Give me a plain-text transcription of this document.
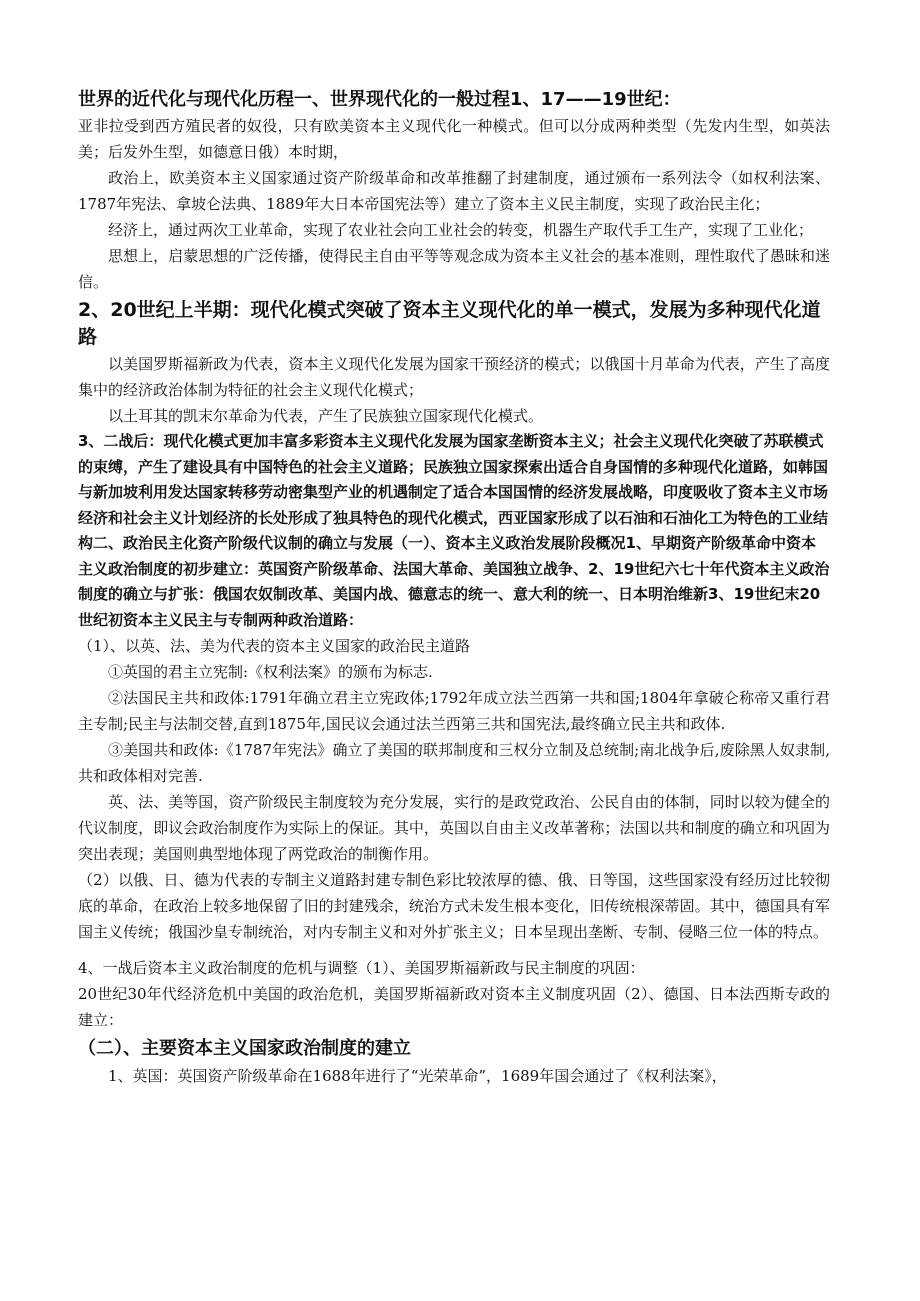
世界的近代化与现代化历程一、世界现代化的一般过程1、17——19世纪：

亚非拉受到西方殖民者的奴役，只有欧美资本主义现代化一种模式。但可以分成两种类型（先发内生型，如英法美；后发外生型，如德意日俄）本时期，

政治上，欧美资本主义国家通过资产阶级革命和改革推翻了封建制度，通过颁布一系列法令（如权利法案、1787年宪法、拿坡仑法典、1889年大日本帝国宪法等）建立了资本主义民主制度，实现了政治民主化；

经济上，通过两次工业革命，实现了农业社会向工业社会的转变，机器生产取代手工生产，实现了工业化；

思想上，启蒙思想的广泛传播，使得民主自由平等等观念成为资本主义社会的基本准则，理性取代了愚昧和迷信。

2、20世纪上半期：现代化模式突破了资本主义现代化的单一模式，发展为多种现代化道路

以美国罗斯福新政为代表，资本主义现代化发展为国家干预经济的模式；以俄国十月革命为代表，产生了高度集中的经济政治体制为特征的社会主义现代化模式；

以土耳其的凯末尔革命为代表，产生了民族独立国家现代化模式。

3、二战后：现代化模式更加丰富多彩资本主义现代化发展为国家垄断资本主义；社会主义现代化突破了苏联模式的束缚，产生了建设具有中国特色的社会主义道路；民族独立国家探索出适合自身国情的多种现代化道路，如韩国与新加坡利用发达国家转移劳动密集型产业的机遇制定了适合本国国情的经济发展战略，印度吸收了资本主义市场经济和社会主义计划经济的长处形成了独具特色的现代化模式，西亚国家形成了以石油和石油化工为特色的工业结构二、政治民主化资产阶级代议制的确立与发展（一）、资本主义政治发展阶段概况1、早期资产阶级革命中资本主义政治制度的初步建立：英国资产阶级革命、法国大革命、美国独立战争、2、19世纪六七十年代资本主义政治制度的确立与扩张：俄国农奴制改革、美国内战、德意志的统一、意大利的统一、日本明治维新3、19世纪末20世纪初资本主义民主与专制两种政治道路：

（1）、以英、法、美为代表的资本主义国家的政治民主道路

①英国的君主立宪制:《权利法案》的颁布为标志.

②法国民主共和政体:1791年确立君主立宪政体;1792年成立法兰西第一共和国;1804年拿破仑称帝又重行君主专制;民主与法制交替,直到1875年,国民议会通过法兰西第三共和国宪法,最终确立民主共和政体.

③美国共和政体:《1787年宪法》确立了美国的联邦制度和三权分立制及总统制;南北战争后,废除黑人奴隶制,共和政体相对完善.

英、法、美等国，资产阶级民主制度较为充分发展，实行的是政党政治、公民自由的体制，同时以较为健全的代议制度，即议会政治制度作为实际上的保证。其中，英国以自由主义改革著称；法国以共和制度的确立和巩固为突出表现；美国则典型地体现了两党政治的制衡作用。

（2）以俄、日、德为代表的专制主义道路封建专制色彩比较浓厚的德、俄、日等国，这些国家没有经历过比较彻底的革命，在政治上较多地保留了旧的封建残余，统治方式未发生根本变化，旧传统根深蒂固。其中，德国具有军国主义传统；俄国沙皇专制统治，对内专制主义和对外扩张主义；日本呈现出垄断、专制、侵略三位一体的特点。

4、一战后资本主义政治制度的危机与调整（1）、美国罗斯福新政与民主制度的巩固：

20世纪30年代经济危机中美国的政治危机，美国罗斯福新政对资本主义制度巩固（2）、德国、日本法西斯专政的建立：

（二）、主要资本主义国家政治制度的建立

1、英国：英国资产阶级革命在1688年进行了“光荣革命”，1689年国会通过了《权利法案》，
